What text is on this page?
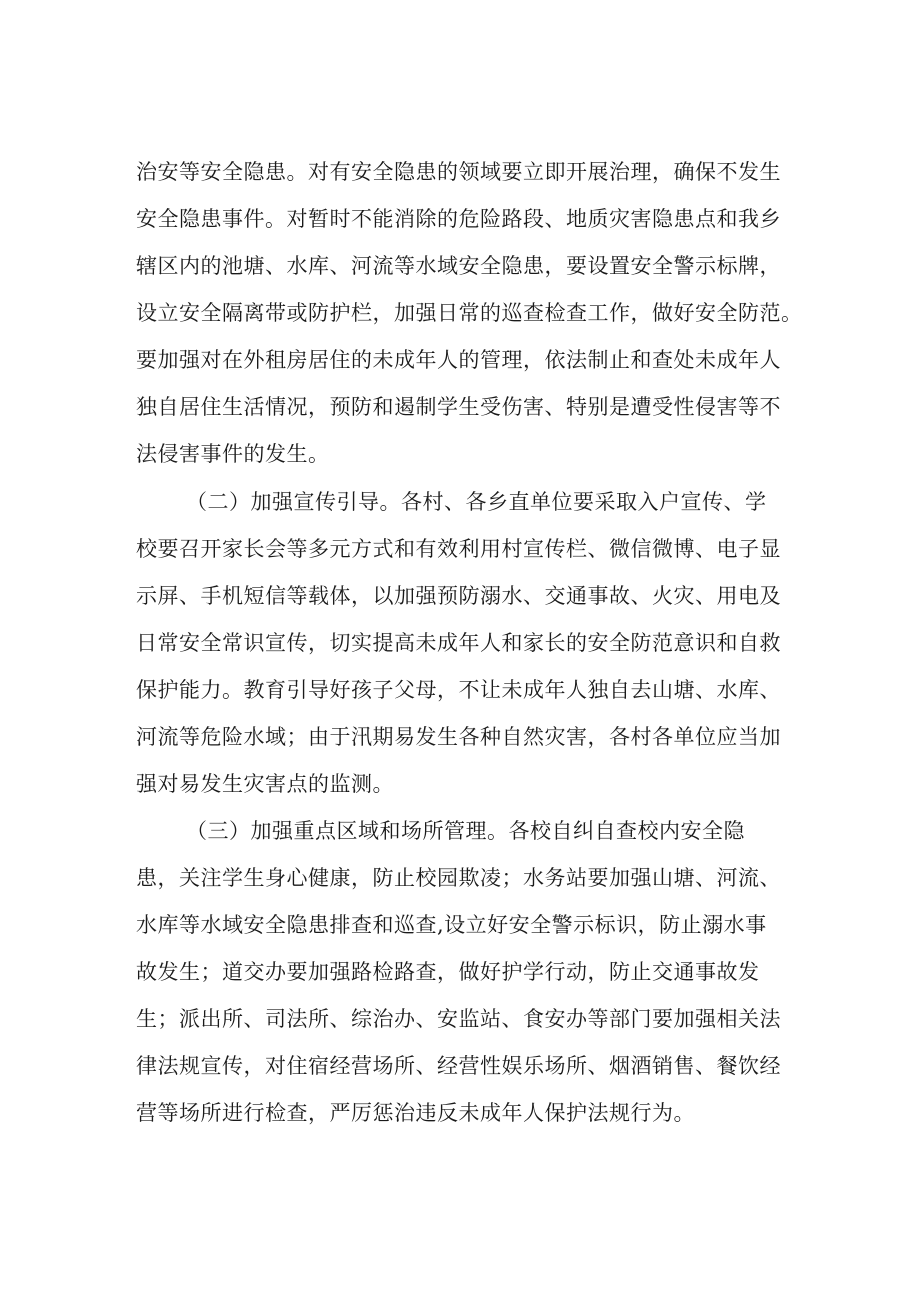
治安等安全隐患。对有安全隐患的领域要立即开展治理，确保不发生
安全隐患事件。对暂时不能消除的危险路段、地质灾害隐患点和我乡
辖区内的池塘、水库、河流等水域安全隐患，要设置安全警示标牌，
设立安全隔离带或防护栏，加强日常的巡查检查工作，做好安全防范。
要加强对在外租房居住的未成年人的管理，依法制止和查处未成年人
独自居住生活情况，预防和遏制学生受伤害、特别是遭受性侵害等不
法侵害事件的发生。
（二）加强宣传引导。各村、各乡直单位要采取入户宣传、学
校要召开家长会等多元方式和有效利用村宣传栏、微信微博、电子显
示屏、手机短信等载体，以加强预防溺水、交通事故、火灾、用电及
日常安全常识宣传，切实提高未成年人和家长的安全防范意识和自救
保护能力。教育引导好孩子父母，不让未成年人独自去山塘、水库、
河流等危险水域；由于汛期易发生各种自然灾害，各村各单位应当加
强对易发生灾害点的监测。
（三）加强重点区域和场所管理。各校自纠自查校内安全隐
患，关注学生身心健康，防止校园欺凌；水务站要加强山塘、河流、
水库等水域安全隐患排查和巡查,设立好安全警示标识，防止溺水事
故发生；道交办要加强路检路查，做好护学行动，防止交通事故发
生；派出所、司法所、综治办、安监站、食安办等部门要加强相关法
律法规宣传，对住宿经营场所、经营性娱乐场所、烟酒销售、餐饮经
营等场所进行检查，严厉惩治违反未成年人保护法规行为。
